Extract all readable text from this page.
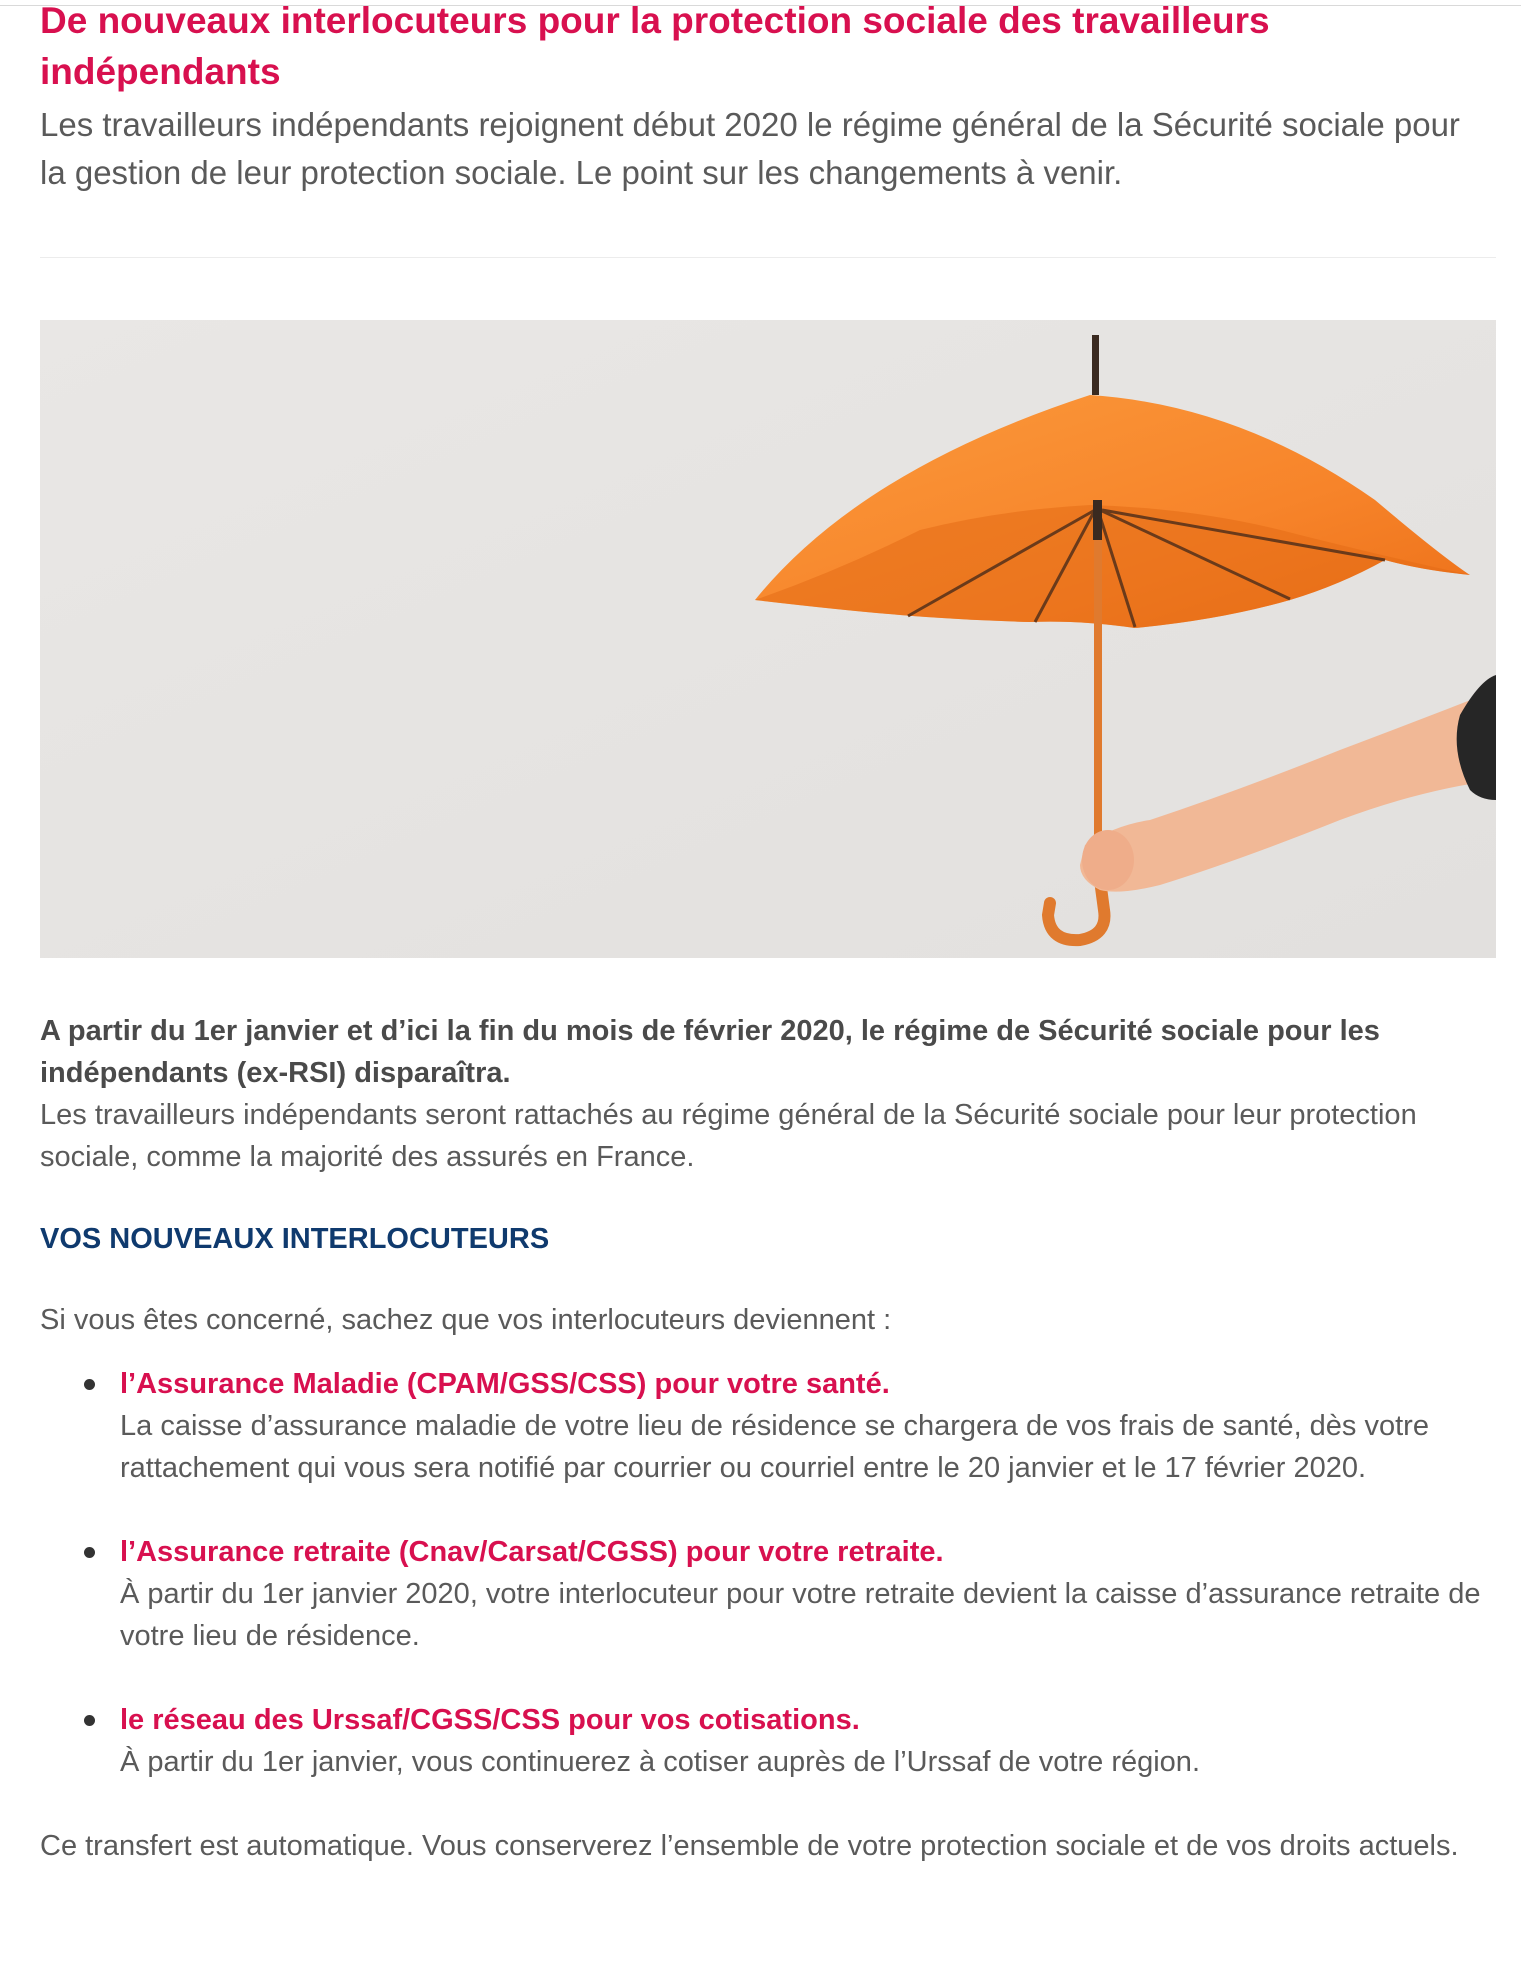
De nouveaux interlocuteurs pour la protection sociale des travailleurs indépendants

Les travailleurs indépendants rejoignent début 2020 le régime général de la Sécurité sociale pour la gestion de leur protection sociale. Le point sur les changements à venir.

A partir du 1er janvier et d’ici la fin du mois de février 2020, le régime de Sécurité sociale pour les indépendants (ex-RSI) disparaîtra.
Les travailleurs indépendants seront rattachés au régime général de la Sécurité sociale pour leur protection sociale, comme la majorité des assurés en France.

VOS NOUVEAUX INTERLOCUTEURS

Si vous êtes concerné, sachez que vos interlocuteurs deviennent :

l’Assurance Maladie (CPAM/GSS/CSS) pour votre santé.
La caisse d’assurance maladie de votre lieu de résidence se chargera de vos frais de santé, dès votre rattachement qui vous sera notifié par courrier ou courriel entre le 20 janvier et le 17 février 2020.
l’Assurance retraite (Cnav/Carsat/CGSS) pour votre retraite.
À partir du 1er janvier 2020, votre interlocuteur pour votre retraite devient la caisse d’assurance retraite de votre lieu de résidence.
le réseau des Urssaf/CGSS/CSS pour vos cotisations.
À partir du 1er janvier, vous continuerez à cotiser auprès de l’Urssaf de votre région.

Ce transfert est automatique. Vous conserverez l’ensemble de votre protection sociale et de vos droits actuels.
